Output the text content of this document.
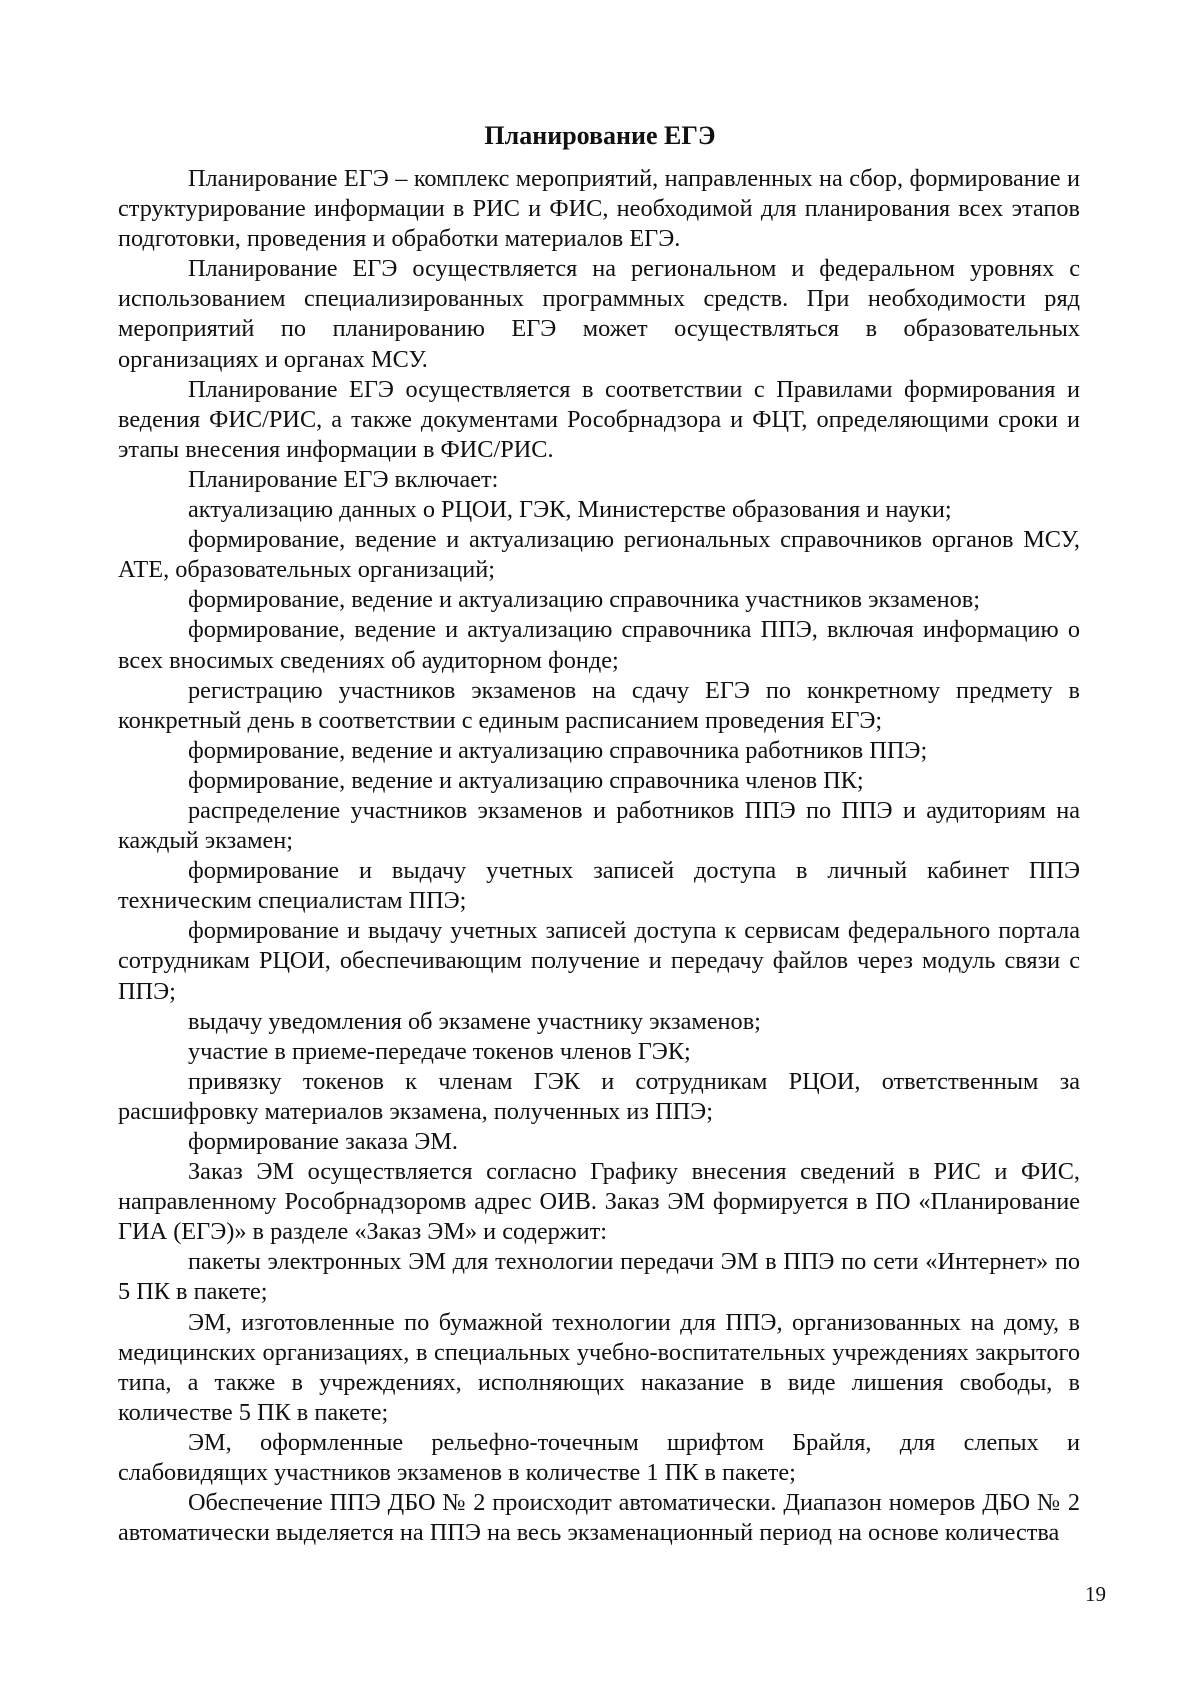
Планирование ЕГЭ

Планирование ЕГЭ – комплекс мероприятий, направленных на сбор, формирование и структурирование информации в РИС и ФИС, необходимой для планирования всех этапов подготовки, проведения и обработки материалов ЕГЭ.

Планирование ЕГЭ осуществляется на региональном и федеральном уровнях с использованием специализированных программных средств. При необходимости ряд мероприятий по планированию ЕГЭ может осуществляться в образовательных организациях и органах МСУ.

Планирование ЕГЭ осуществляется в соответствии с Правилами формирования и ведения ФИС/РИС, а также документами Рособрнадзора и ФЦТ, определяющими сроки и этапы внесения информации в ФИС/РИС.

Планирование ЕГЭ включает:

актуализацию данных о РЦОИ, ГЭК, Министерстве образования и науки;

формирование, ведение и актуализацию региональных справочников органов МСУ, АТЕ, образовательных организаций;

формирование, ведение и актуализацию справочника участников экзаменов;

формирование, ведение и актуализацию справочника ППЭ, включая информацию о всех вносимых сведениях об аудиторном фонде;

регистрацию участников экзаменов на сдачу ЕГЭ по конкретному предмету в конкретный день в соответствии с единым расписанием проведения ЕГЭ;

формирование, ведение и актуализацию справочника работников ППЭ;

формирование, ведение и актуализацию справочника членов ПК;

распределение участников экзаменов и работников ППЭ по ППЭ и аудиториям на каждый экзамен;

формирование и выдачу учетных записей доступа в личный кабинет ППЭ техническим специалистам ППЭ;

формирование и выдачу учетных записей доступа к сервисам федерального портала сотрудникам РЦОИ, обеспечивающим получение и передачу файлов через модуль связи с ППЭ;

выдачу уведомления об экзамене участнику экзаменов;

участие в приеме-передаче токенов членов ГЭК;

привязку токенов к членам ГЭК и сотрудникам РЦОИ, ответственным за расшифровку материалов экзамена, полученных из ППЭ;

формирование заказа ЭМ.

Заказ ЭМ осуществляется согласно Графику внесения сведений в РИС и ФИС, направленному Рособрнадзоромв адрес ОИВ. Заказ ЭМ формируется в ПО «Планирование ГИА (ЕГЭ)» в разделе «Заказ ЭМ» и содержит:

пакеты электронных ЭМ для технологии передачи ЭМ в ППЭ по сети «Интернет» по 5 ПК в пакете;

ЭМ, изготовленные по бумажной технологии для ППЭ, организованных на дому, в медицинских организациях, в специальных учебно-воспитательных учреждениях закрытого типа, а также в учреждениях, исполняющих наказание в виде лишения свободы, в количестве 5 ПК в пакете;

ЭМ, оформленные рельефно-точечным шрифтом Брайля, для слепых и слабовидящих участников экзаменов в количестве 1 ПК в пакете;

Обеспечение ППЭ ДБО № 2 происходит автоматически. Диапазон номеров ДБО № 2 автоматически выделяется на ППЭ на весь экзаменационный период на основе количества

19
